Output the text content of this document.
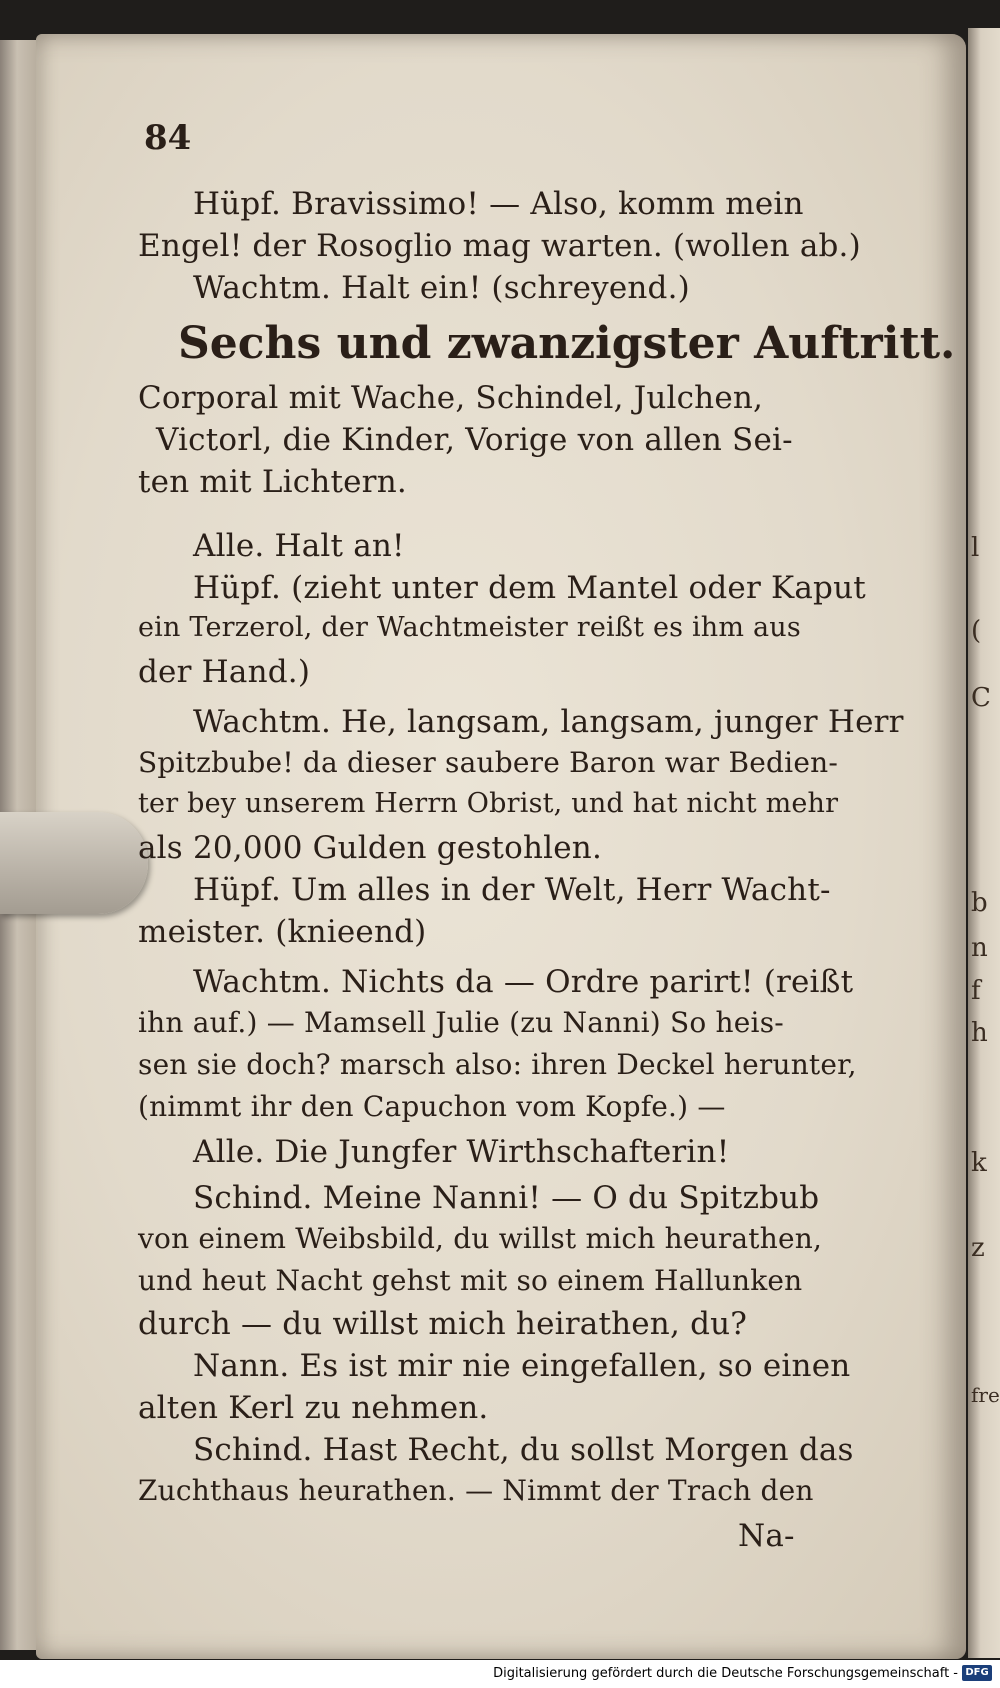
l
(
C
b
n
f
h
k
z
fre
84
Hüpf. Bravissimo! — Also, komm mein
Engel! der Rosoglio mag warten. (wollen ab.)
Wachtm. Halt ein! (schreyend.)
Sechs und zwanzigster Auftritt.
Corporal mit Wache, Schindel, Julchen,
Victorl, die Kinder, Vorige von allen Sei-
ten mit Lichtern.
Alle. Halt an!
Hüpf. (zieht unter dem Mantel oder Kaput
ein Terzerol, der Wachtmeister reißt es ihm aus
der Hand.)
Wachtm. He, langsam, langsam, junger Herr
Spitzbube! da dieser saubere Baron war Bedien-
ter bey unserem Herrn Obrist, und hat nicht mehr
als 20,000 Gulden gestohlen.
Hüpf. Um alles in der Welt, Herr Wacht-
meister. (knieend)
Wachtm. Nichts da — Ordre parirt! (reißt
ihn auf.) — Mamsell Julie (zu Nanni) So heis-
sen sie doch? marsch also: ihren Deckel herunter,
(nimmt ihr den Capuchon vom Kopfe.) —
Alle. Die Jungfer Wirthschafterin!
Schind. Meine Nanni! — O du Spitzbub
von einem Weibsbild, du willst mich heurathen,
und heut Nacht gehst mit so einem Hallunken
durch — du willst mich heirathen, du?
Nann. Es ist mir nie eingefallen, so einen
alten Kerl zu nehmen.
Schind. Hast Recht, du sollst Morgen das
Zuchthaus heurathen. — Nimmt der Trach den
Na-
Digitalisierung gefördert durch die Deutsche Forschungsgemeinschaft - DFG
